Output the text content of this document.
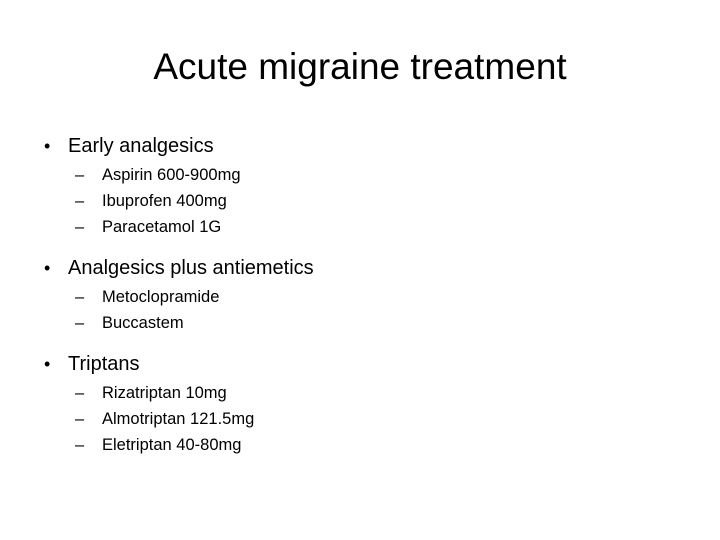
Acute migraine treatment
• Early analgesics
–	Aspirin 600-900mg
–	Ibuprofen 400mg
–	Paracetamol 1G
• Analgesics plus antiemetics
–	Metoclopramide
–	Buccastem
• Triptans
–	Rizatriptan 10mg
–	Almotriptan 121.5mg
–	Eletriptan 40-80mg
